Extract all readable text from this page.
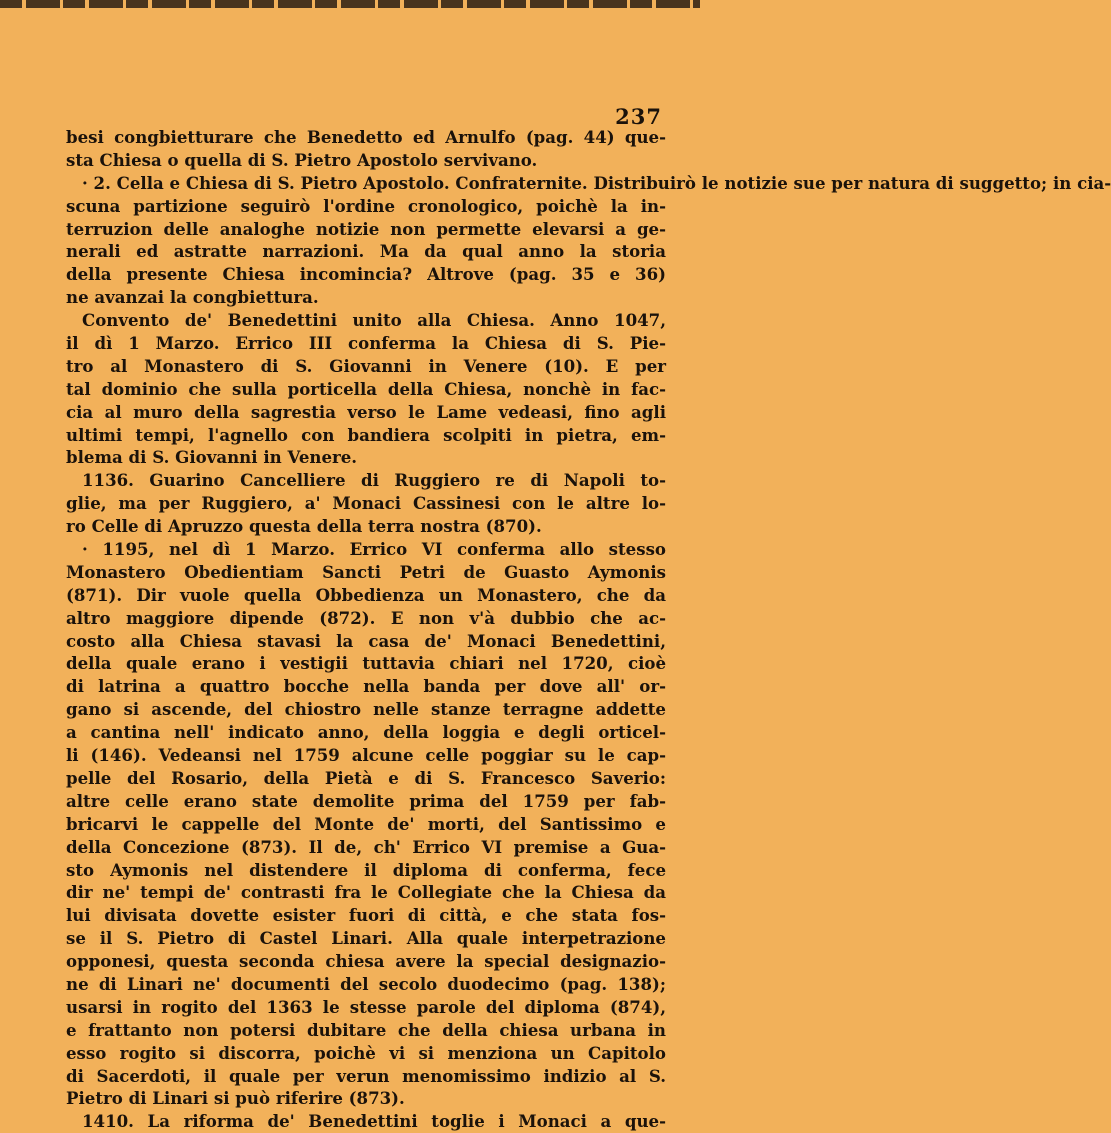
237
besi congbietturare che Benedetto ed Arnulfo (pag. 44) que-
sta Chiesa o quella di S. Pietro Apostolo servivano.
· 2. Cella e Chiesa di S. Pietro Apostolo. Confraternite. Distribuirò le notizie sue per natura di suggetto; in cia-
scuna partizione seguirò l'ordine cronologico, poichè la in-
terruzion delle analoghe notizie non permette elevarsi a ge-
nerali ed astratte narrazioni. Ma da qual anno la storia
della presente Chiesa incomincia? Altrove (pag. 35 e 36)
ne avanzai la congbiettura.
Convento de' Benedettini unito alla Chiesa. Anno 1047,
il dì 1 Marzo. Errico III conferma la Chiesa di S. Pie-
tro al Monastero di S. Giovanni in Venere (10). E per
tal dominio che sulla porticella della Chiesa, nonchè in fac-
cia al muro della sagrestia verso le Lame vedeasi, fino agli
ultimi tempi, l'agnello con bandiera scolpiti in pietra, em-
blema di S. Giovanni in Venere.
1136. Guarino Cancelliere di Ruggiero re di Napoli to-
glie, ma per Ruggiero, a' Monaci Cassinesi con le altre lo-
ro Celle di Apruzzo questa della terra nostra (870).
· 1195, nel dì 1 Marzo. Errico VI conferma allo stesso
Monastero Obedientiam Sancti Petri de Guasto Aymonis
(871). Dir vuole quella Obbedienza un Monastero, che da
altro maggiore dipende (872). E non v'à dubbio che ac-
costo alla Chiesa stavasi la casa de' Monaci Benedettini,
della quale erano i vestigii tuttavia chiari nel 1720, cioè
di latrina a quattro bocche nella banda per dove all' or-
gano si ascende, del chiostro nelle stanze terragne addette
a cantina nell' indicato anno, della loggia e degli orticel-
li (146). Vedeansi nel 1759 alcune celle poggiar su le cap-
pelle del Rosario, della Pietà e di S. Francesco Saverio:
altre celle erano state demolite prima del 1759 per fab-
bricarvi le cappelle del Monte de' morti, del Santissimo e
della Concezione (873). Il de, ch' Errico VI premise a Gua-
sto Aymonis nel distendere il diploma di conferma, fece
dir ne' tempi de' contrasti fra le Collegiate che la Chiesa da
lui divisata dovette esister fuori di città, e che stata fos-
se il S. Pietro di Castel Linari. Alla quale interpetrazione
opponesi, questa seconda chiesa avere la special designazio-
ne di Linari ne' documenti del secolo duodecimo (pag. 138);
usarsi in rogito del 1363 le stesse parole del diploma (874),
e frattanto non potersi dubitare che della chiesa urbana in
esso rogito si discorra, poichè vi si menziona un Capitolo
di Sacerdoti, il quale per verun menomissimo indizio al S.
Pietro di Linari si può riferire (873).
1410. La riforma de' Benedettini toglie i Monaci a que-
